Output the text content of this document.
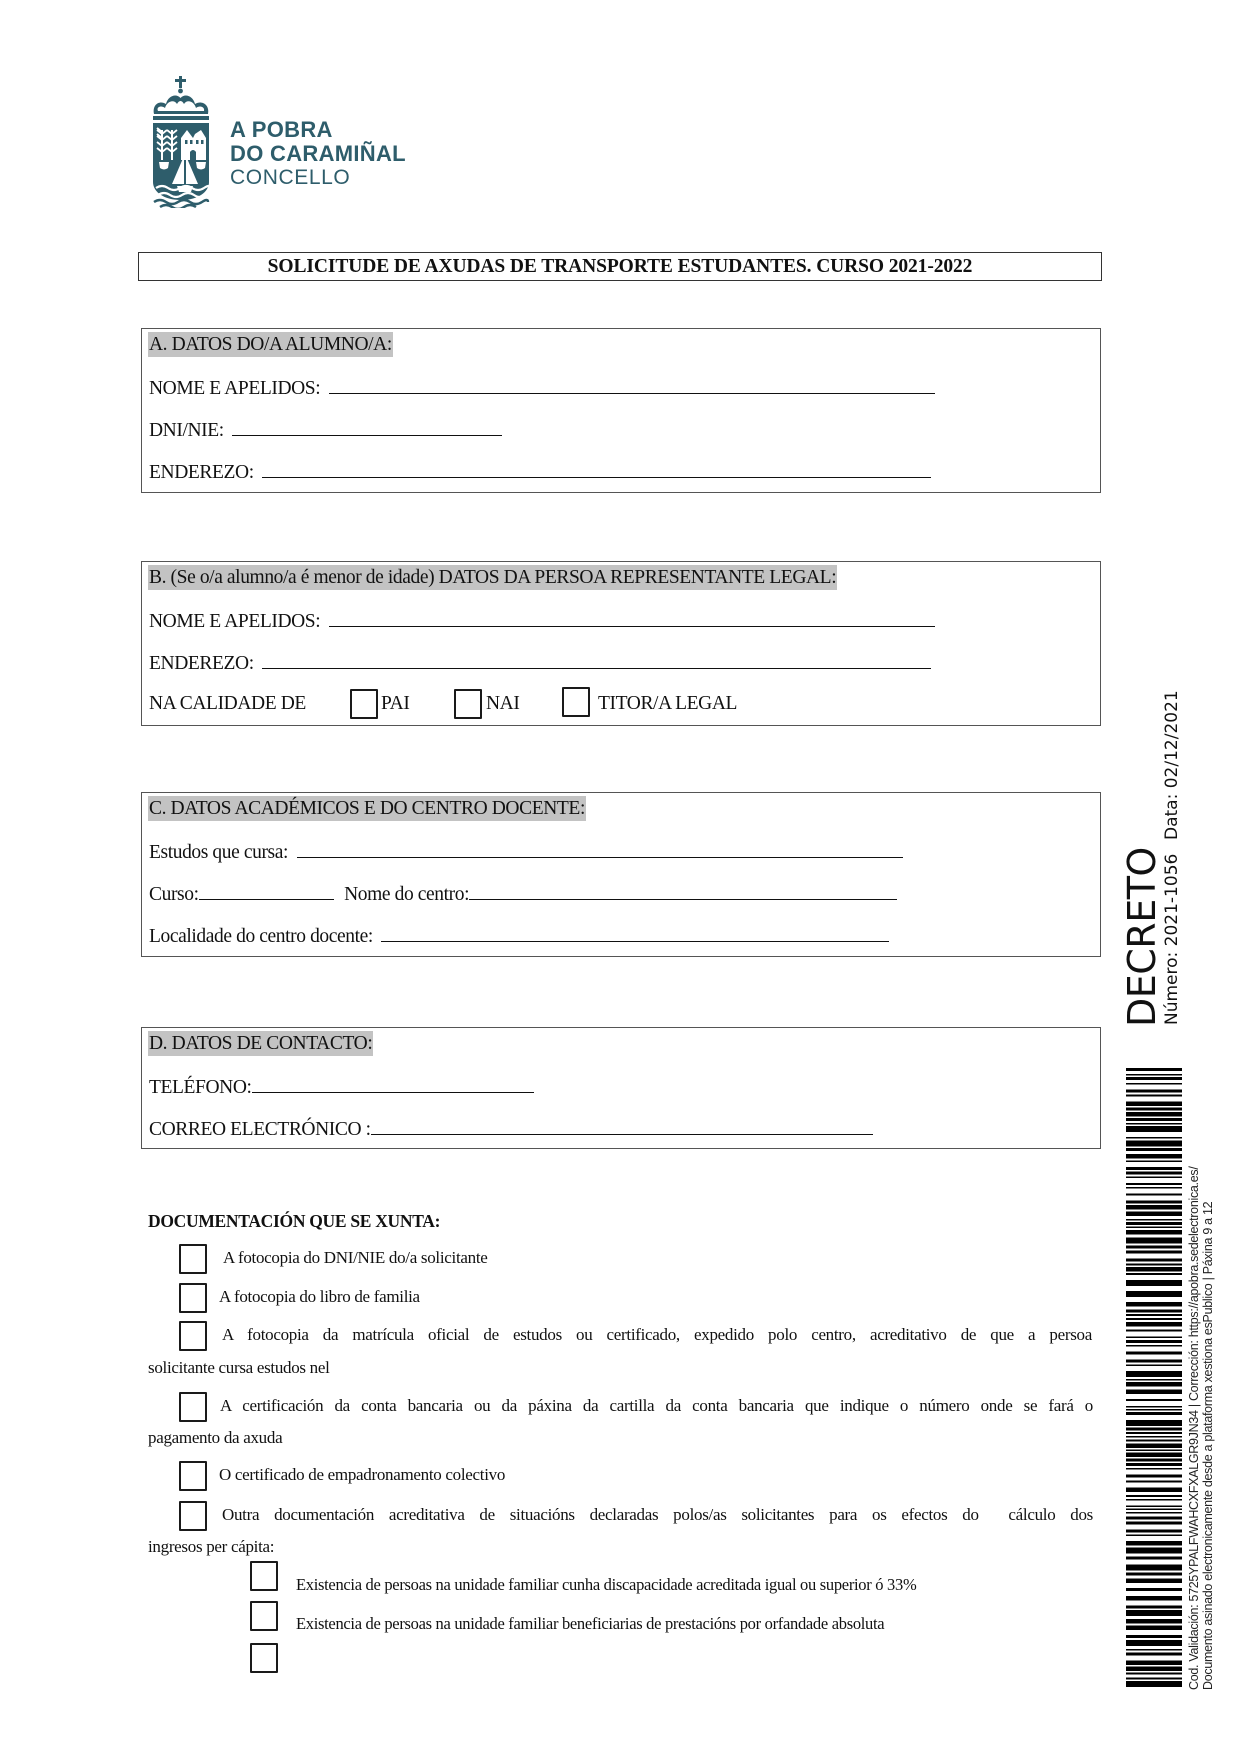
A POBRA
DO CARAMIÑAL
CONCELLO
SOLICITUDE DE AXUDAS DE TRANSPORTE ESTUDANTES. CURSO 2021-2022
A. DATOS DO/A ALUMNO/A:
NOME E APELIDOS:
DNI/NIE:
ENDEREZO:
B. (Se o/a alumno/a é menor de idade) DATOS DA PERSOA REPRESENTANTE LEGAL:
NOME E APELIDOS:
ENDEREZO:
NA CALIDADE DE	PAI	NAI	TITOR/A LEGAL
C. DATOS ACADÉMICOS E DO CENTRO DOCENTE:
Estudos que cursa:
Curso:	Nome do centro:
Localidade do centro docente:
D. DATOS DE CONTACTO:
TELÉFONO:
CORREO ELECTRÓNICO :
DOCUMENTACIÓN QUE SE XUNTA:
A fotocopia do DNI/NIE do/a solicitante
A fotocopia do libro de familia
A fotocopia da matrícula oficial de estudos ou certificado, expedido polo centro, acreditativo de que a persoa
solicitante cursa estudos nel
A certificación da conta bancaria ou da páxina da cartilla da conta bancaria que indique o número onde se fará o
pagamento da axuda
O certificado de empadronamento colectivo
Outra documentación acreditativa de situacións declaradas polos/as solicitantes para os efectos do  cálculo dos
ingresos per cápita:
Existencia de persoas na unidade familiar cunha discapacidade acreditada igual ou superior ó 33%
Existencia de persoas na unidade familiar beneficiarias de prestacións por orfandade absoluta
DECRETO
Número: 2021-1056
Data: 02/12/2021
Cod. Validación: 5725YPALFWAHCXFXALGR9JN34 | Corrección: https://apobra.sedelectronica.es/ Documento asinado electronicamente desde a plataforma xestiona esPublico | Páxina 9 a 12
